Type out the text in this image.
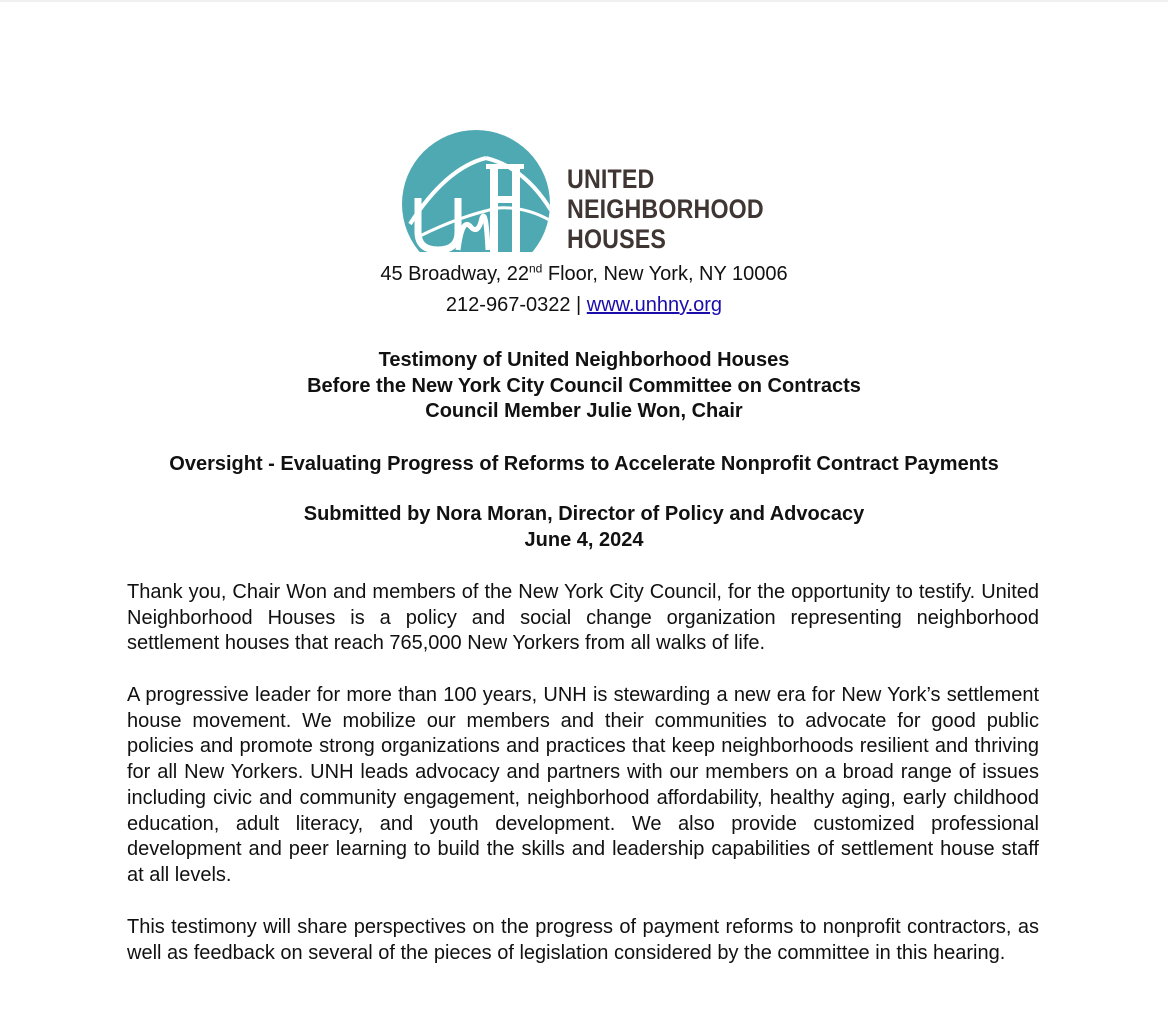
UNITED
NEIGHBORHOOD
HOUSES
45 Broadway, 22nd Floor, New York, NY 10006
212-967-0322 | www.unhny.org
Testimony of United Neighborhood Houses
Before the New York City Council Committee on Contracts
Council Member Julie Won, Chair
Oversight - Evaluating Progress of Reforms to Accelerate Nonprofit Contract Payments
Submitted by Nora Moran, Director of Policy and Advocacy
June 4, 2024
Thank you, Chair Won and members of the New York City Council, for the opportunity to testify. United Neighborhood Houses is a policy and social change organization representing neighborhood settlement houses that reach 765,000 New Yorkers from all walks of life.
A progressive leader for more than 100 years, UNH is stewarding a new era for New York’s settlement house movement. We mobilize our members and their communities to advocate for good public policies and promote strong organizations and practices that keep neighborhoods resilient and thriving for all New Yorkers. UNH leads advocacy and partners with our members on a broad range of issues including civic and community engagement, neighborhood affordability, healthy aging, early childhood education, adult literacy, and youth development. We also provide customized professional development and peer learning to build the skills and leadership capabilities of settlement house staff at all levels.
This testimony will share perspectives on the progress of payment reforms to nonprofit contractors, as well as feedback on several of the pieces of legislation considered by the committee in this hearing.
